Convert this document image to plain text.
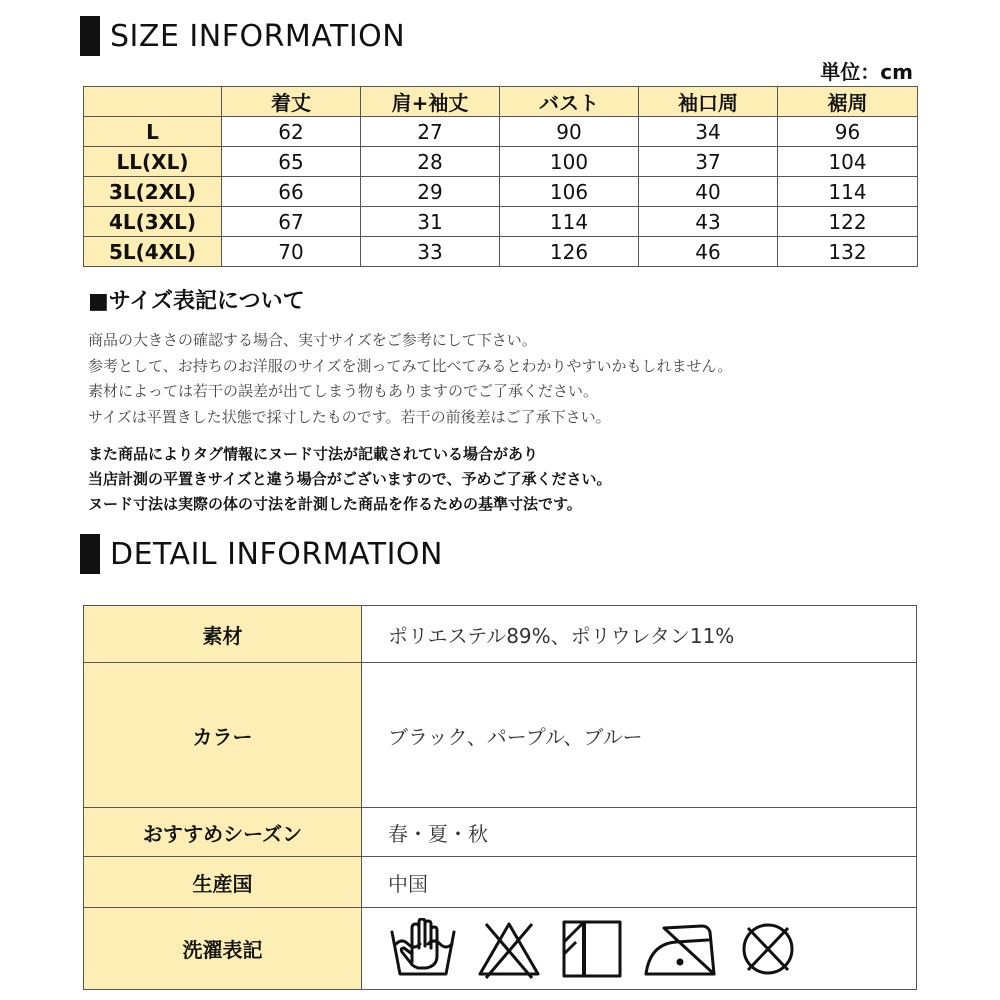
SIZE INFORMATION
単位：cm
	着丈	肩+袖丈	バスト	袖口周	裾周
L	62	27	90	34	96
LL(XL)	65	28	100	37	104
3L(2XL)	66	29	106	40	114
4L(3XL)	67	31	114	43	122
5L(4XL)	70	33	126	46	132
■サイズ表記について
商品の大きさの確認する場合、実寸サイズをご参考にして下さい。
参考として、お持ちのお洋服のサイズを測ってみて比べてみるとわかりやすいかもしれません。
素材によっては若干の誤差が出てしまう物もありますのでご了承ください。
サイズは平置きした状態で採寸したものです。若干の前後差はご了承下さい。
また商品によりタグ情報にヌード寸法が記載されている場合があり
当店計測の平置きサイズと違う場合がございますので、予めご了承ください。
ヌード寸法は実際の体の寸法を計測した商品を作るための基準寸法です。
DETAIL INFORMATION
素材	ポリエステル89%、ポリウレタン11%
カラー	ブラック、パープル、ブルー
おすすめシーズン	春・夏・秋
生産国	中国
洗濯表記	
